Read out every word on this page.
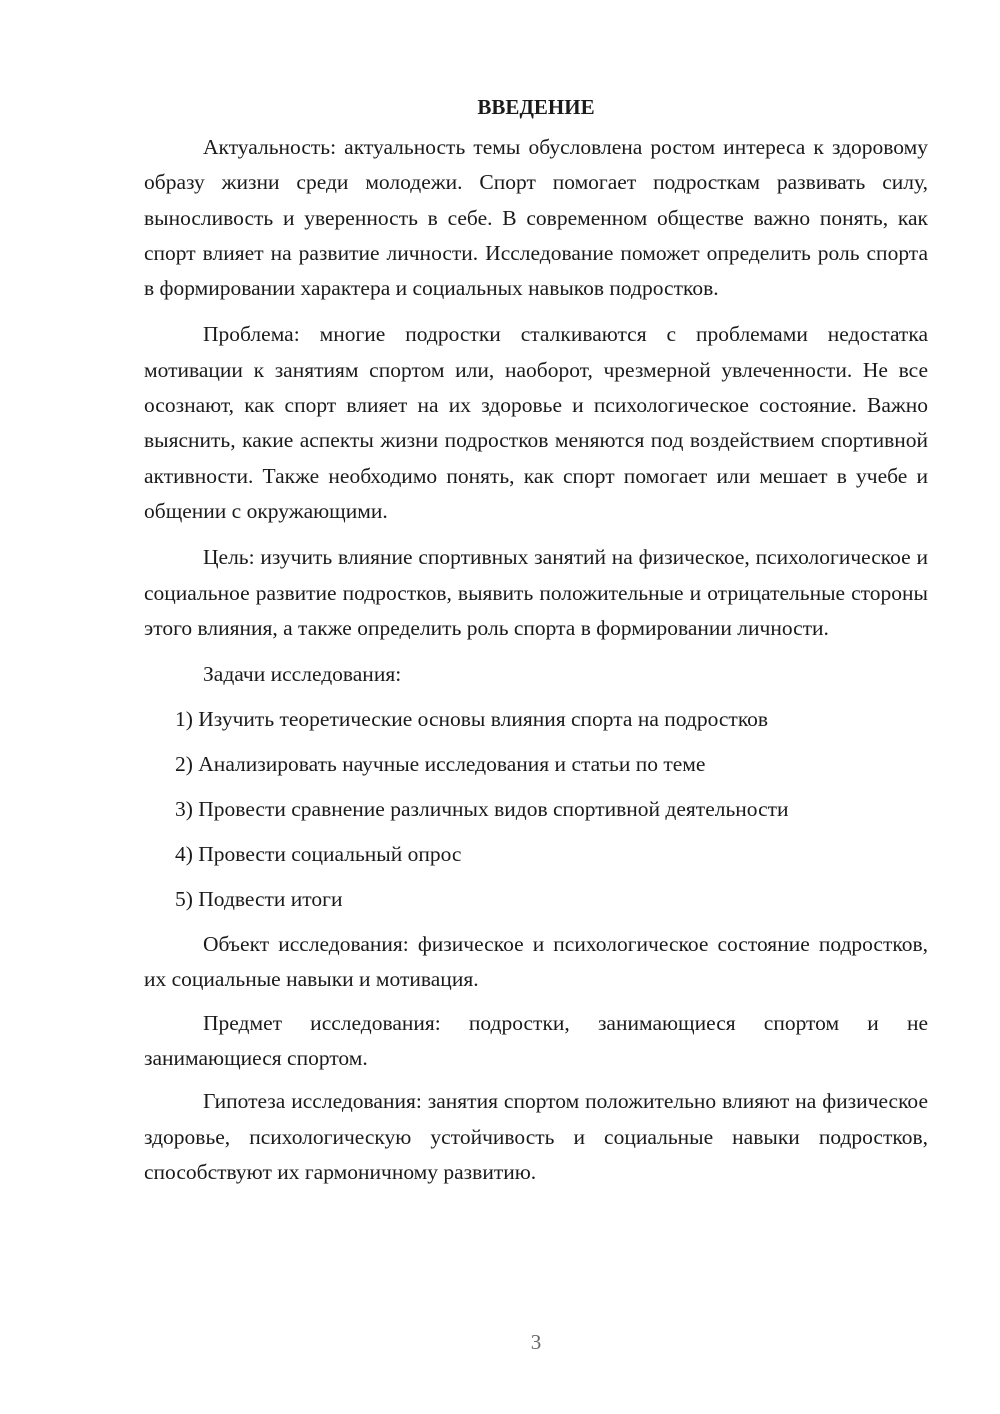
ВВЕДЕНИЕ

Актуальность: актуальность темы обусловлена ростом интереса к здоровому образу жизни среди молодежи. Спорт помогает подросткам развивать силу, выносливость и уверенность в себе. В современном обществе важно понять, как спорт влияет на развитие личности. Исследование поможет определить роль спорта в формировании характера и социальных навыков подростков.

Проблема: многие подростки сталкиваются с проблемами недостатка мотивации к занятиям спортом или, наоборот, чрезмерной увлеченности. Не все осознают, как спорт влияет на их здоровье и психологическое состояние. Важно выяснить, какие аспекты жизни подростков меняются под воздействием спортивной активности. Также необходимо понять, как спорт помогает или мешает в учебе и общении с окружающими.

Цель: изучить влияние спортивных занятий на физическое, психологическое и социальное развитие подростков, выявить положительные и отрицательные стороны этого влияния, а также определить роль спорта в формировании личности.

Задачи исследования:

1) Изучить теоретические основы влияния спорта на подростков
2) Анализировать научные исследования и статьи по теме
3) Провести сравнение различных видов спортивной деятельности
4) Провести социальный опрос
5) Подвести итоги

Объект исследования: физическое и психологическое состояние подростков, их социальные навыки и мотивация.

Предмет исследования: подростки, занимающиеся спортом и не занимающиеся спортом.

Гипотеза исследования: занятия спортом положительно влияют на физическое здоровье, психологическую устойчивость и социальные навыки подростков, способствуют их гармоничному развитию.

3
